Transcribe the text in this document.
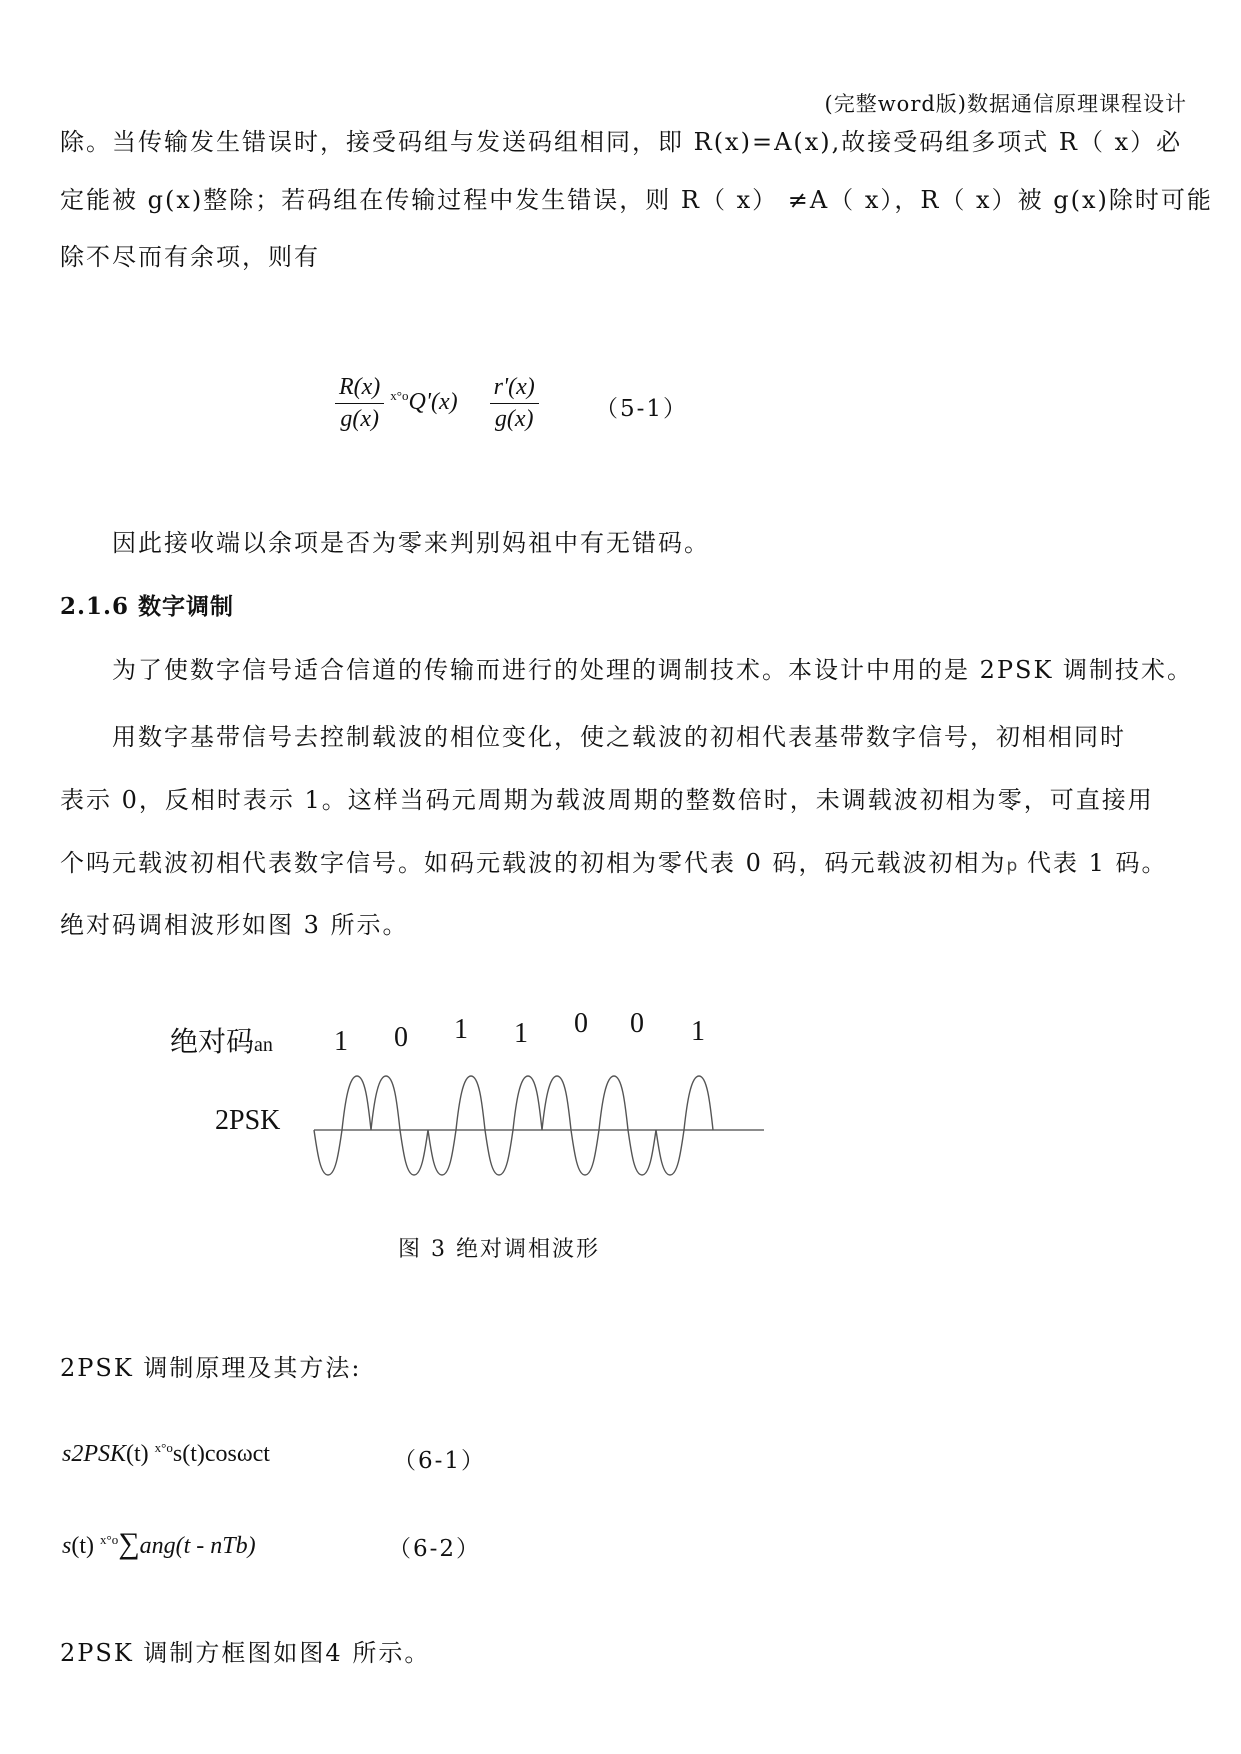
(完整word版)数据通信原理课程设计
除。当传输发生错误时，接受码组与发送码组相同，即 R(x)=A(x),故接受码组多项式 R（ x）必
定能被 g(x)整除；若码组在传输过程中发生错误，则 R（ x） ≠A（ x），R（ x）被 g(x)除时可能
除不尽而有余项，则有
$\frac{R(x)}{g(x)} ^{x^\circ o}Q'(x) \frac{r'(x)}{g(x)} (5-1)$
因此接收端以余项是否为零来判别妈祖中有无错码。
2.1.6 数字调制
为了使数字信号适合信道的传输而进行的处理的调制技术。本设计中用的是 2PSK 调制技术。
用数字基带信号去控制载波的相位变化，使之载波的初相代表基带数字信号，初相相同时
表示 0，反相时表示 1。这样当码元周期为载波周期的整数倍时，未调载波初相为零，可直接用
个吗元载波初相代表数字信号。如码元载波的初相为零代表 0 码，码元载波初相为p 代表 1 码。
绝对码调相波形如图 3 所示。
绝对码an 1 0 1 1 0 0 1
2PSK
图 3 绝对调相波形
2PSK 调制原理及其方法:
s2PSK(t) $^{x^\circ o}$s(t)cosωct	（6-1）
s(t) $^{x^\circ o}$∑ang(t - nTb)	（6-2）
2PSK 调制方框图如图4 所示。
